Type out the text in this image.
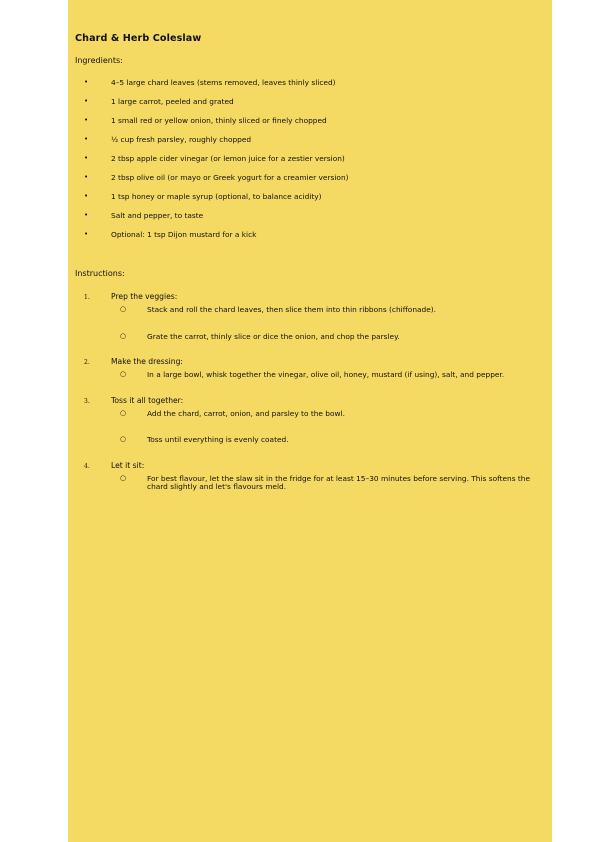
Chard & Herb Coleslaw
Ingredients:
•	4–5 large chard leaves (stems removed, leaves thinly sliced)
•	1 large carrot, peeled and grated
•	1 small red or yellow onion, thinly sliced or finely chopped
•	½ cup fresh parsley, roughly chopped
•	2 tbsp apple cider vinegar (or lemon juice for a zestier version)
•	2 tbsp olive oil (or mayo or Greek yogurt for a creamier version)
•	1 tsp honey or maple syrup (optional, to balance acidity)
•	Salt and pepper, to taste
•	Optional: 1 tsp Dijon mustard for a kick
Instructions:
1.	Prep the veggies:
○	Stack and roll the chard leaves, then slice them into thin ribbons (chiffonade).
○	Grate the carrot, thinly slice or dice the onion, and chop the parsley.
2.	Make the dressing:
○	In a large bowl, whisk together the vinegar, olive oil, honey, mustard (if using), salt, and pepper.
3.	Toss it all together:
○	Add the chard, carrot, onion, and parsley to the bowl.
○	Toss until everything is evenly coated.
4.	Let it sit:
○	For best flavour, let the slaw sit in the fridge for at least 15–30 minutes before serving. This softens the chard slightly and let's flavours meld.
